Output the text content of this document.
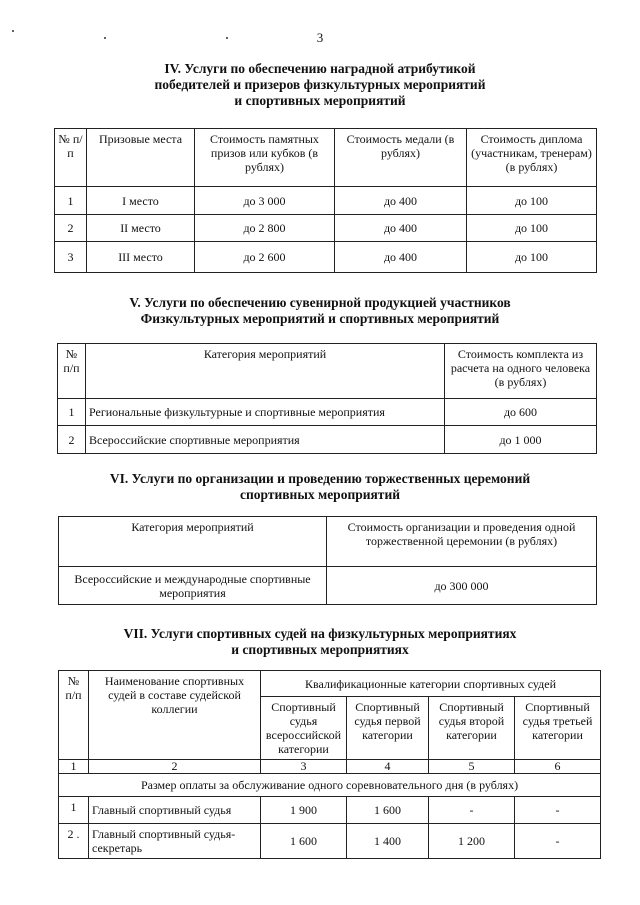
3
IV. Услуги по обеспечению наградной атрибутикой
победителей и призеров физкультурных мероприятий
и спортивных мероприятий
№ п/п	Призовые места	Стоимость памятных призов или кубков (в рублях)	Стоимость медали (в рублях)	Стоимость диплома (участникам, тренерам) (в рублях)
1	I место	до 3 000	до 400	до 100
2	II место	до 2 800	до 400	до 100
3	III место	до 2 600	до 400	до 100
V. Услуги по обеспечению сувенирной продукцией участников
Физкультурных мероприятий и спортивных мероприятий
№ п/п	Категория мероприятий	Стоимость комплекта из расчета на одного человека (в рублях)
1	Региональные физкультурные и спортивные мероприятия	до 600
2	Всероссийские спортивные мероприятия	до 1 000
VI. Услуги по организации и проведению торжественных церемоний
спортивных мероприятий
Категория мероприятий	Стоимость организации и проведения одной торжественной церемонии (в рублях)
Всероссийские и международные спортивные мероприятия	до 300 000
VII. Услуги спортивных судей на физкультурных мероприятиях
и спортивных мероприятиях
№ п/п	Наименование спортивных судей в составе судейской коллегии	Квалификационные категории спортивных судей			
		Спортивный судья всероссийской категории	Спортивный судья первой категории	Спортивный судья второй категории	Спортивный судья третьей категории
1	2	3	4	5	6
Размер оплаты за обслуживание одного соревновательного дня (в рублях)					
1	Главный спортивный судья	1 900	1 600	-	-
2 .	Главный спортивный судья-секретарь	1 600	1 400	1 200	-
